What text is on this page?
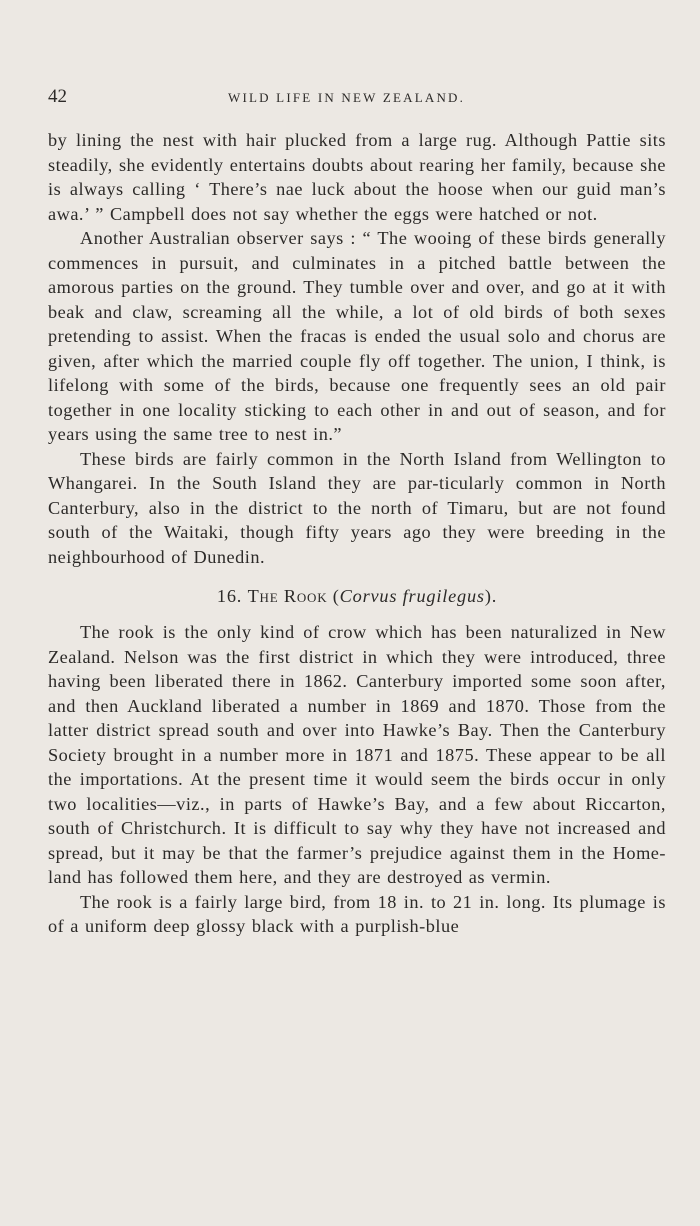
42	WILD LIFE IN NEW ZEALAND.

by lining the nest with hair plucked from a large rug. Although Pattie sits steadily, she evidently entertains doubts about rearing her family, because she is always calling ‘ There’s nae luck about the hoose when our guid man’s awa.’ ” Campbell does not say whether the eggs were hatched or not.

Another Australian observer says : “ The wooing of these birds generally commences in pursuit, and culminates in a pitched battle between the amorous parties on the ground. They tumble over and over, and go at it with beak and claw, screaming all the while, a lot of old birds of both sexes pretending to assist. When the fracas is ended the usual solo and chorus are given, after which the married couple fly off together. The union, I think, is lifelong with some of the birds, because one frequently sees an old pair together in one locality sticking to each other in and out of season, and for years using the same tree to nest in.”

These birds are fairly common in the North Island from Wellington to Whangarei. In the South Island they are par-ticularly common in North Canterbury, also in the district to the north of Timaru, but are not found south of the Waitaki, though fifty years ago they were breeding in the neighbourhood of Dunedin.

16. The Rook (Corvus frugilegus).

The rook is the only kind of crow which has been naturalized in New Zealand. Nelson was the first district in which they were introduced, three having been liberated there in 1862. Canterbury imported some soon after, and then Auckland liberated a number in 1869 and 1870. Those from the latter district spread south and over into Hawke’s Bay. Then the Canterbury Society brought in a number more in 1871 and 1875. These appear to be all the importations. At the present time it would seem the birds occur in only two localities—viz., in parts of Hawke’s Bay, and a few about Riccarton, south of Christchurch. It is difficult to say why they have not increased and spread, but it may be that the farmer’s prejudice against them in the Home-land has followed them here, and they are destroyed as vermin.

The rook is a fairly large bird, from 18 in. to 21 in. long. Its plumage is of a uniform deep glossy black with a purplish-blue
